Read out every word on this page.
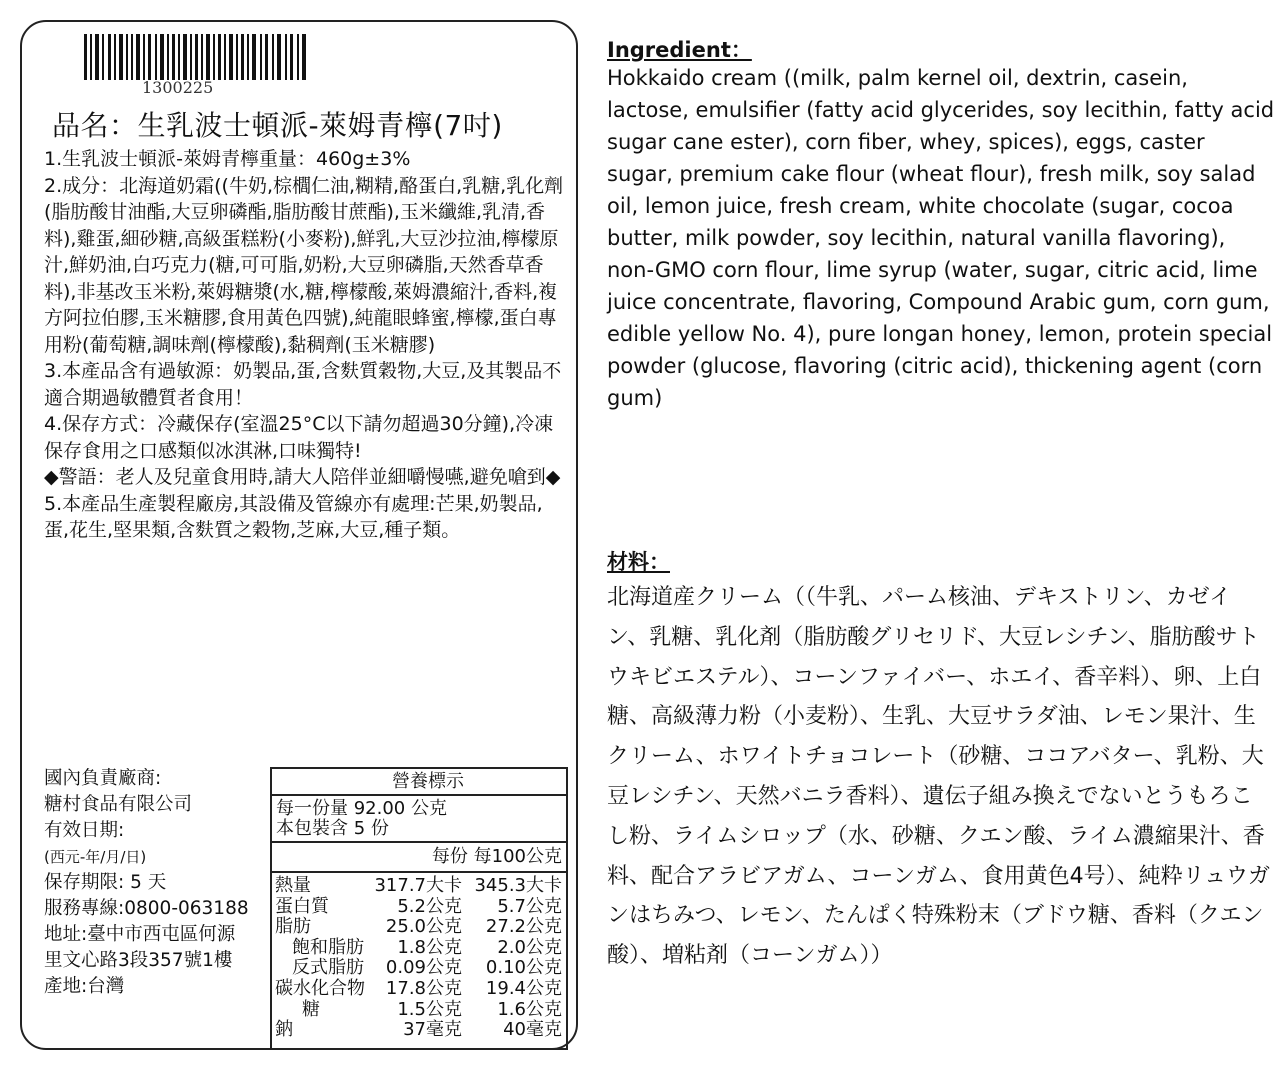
1300225
品名：生乳波士頓派-萊姆青檸(7吋)

1.生乳波士頓派-萊姆青檸重量：460g±3%

2.成分：北海道奶霜((牛奶,棕櫚仁油,糊精,酪蛋白,乳糖,乳化劑(脂肪酸甘油酯,大豆卵磷酯,脂肪酸甘蔗酯),玉米纖維,乳清,香料),雞蛋,細砂糖,高級蛋糕粉(小麥粉),鮮乳,大豆沙拉油,檸檬原汁,鮮奶油,白巧克力(糖,可可脂,奶粉,大豆卵磷脂,天然香草香料),非基改玉米粉,萊姆糖漿(水,糖,檸檬酸,萊姆濃縮汁,香料,複方阿拉伯膠,玉米糖膠,食用黃色四號),純龍眼蜂蜜,檸檬,蛋白專用粉(葡萄糖,調味劑(檸檬酸),黏稠劑(玉米糖膠)

3.本產品含有過敏源：奶製品,蛋,含麩質穀物,大豆,及其製品不適合期過敏體質者食用！

4.保存方式：冷藏保存(室溫25°C以下請勿超過30分鐘),冷凍保存食用之口感類似冰淇淋,口味獨特!

◆警語：老人及兒童食用時,請大人陪伴並細嚼慢嚥,避免嗆到◆

5.本產品生產製程廠房,其設備及管線亦有處理:芒果,奶製品,蛋,花生,堅果類,含麩質之穀物,芝麻,大豆,種子類。

國內負責廠商:
糖村食品有限公司
有效日期:
(西元-年/月/日)
保存期限: 5 天
服務專線:0800-063188
地址:臺中市西屯區何源
里文心路3段357號1樓
產地:台灣
營養標示
每一份量 92.00 公克
本包裝含 5 份
每份 每100公克
熱量	317.7大卡 345.3大卡
蛋白質	5.2公克 5.7公克
脂肪	25.0公克 27.2公克
飽和脂肪 1.8公克 2.0公克
反式脂肪 0.09公克 0.10公克
碳水化合物 17.8公克 19.4公克
糖	1.5公克 1.6公克
鈉	37毫克 40毫克
Ingredient：

Hokkaido cream ((milk, palm kernel oil, dextrin, casein, lactose, emulsifier (fatty acid glycerides, soy lecithin, fatty acid sugar cane ester), corn fiber, whey, spices), eggs, caster sugar, premium cake flour (wheat flour), fresh milk, soy salad oil, lemon juice, fresh cream, white chocolate (sugar, cocoa butter, milk powder, soy lecithin, natural vanilla flavoring), non-GMO corn flour, lime syrup (water, sugar, citric acid, lime juice concentrate, flavoring, Compound Arabic gum, corn gum, edible yellow No. 4), pure longan honey, lemon, protein special powder (glucose, flavoring (citric acid), thickening agent (corn gum)

材料：

北海道産クリーム（（牛乳、パーム核油、デキストリン、カゼイン、乳糖、乳化剤（脂肪酸グリセリド、大豆レシチン、脂肪酸サトウキビエステル）、コーンファイバー、ホエイ、香辛料）、卵、上白糖、高級薄力粉（小麦粉）、生乳、大豆サラダ油、レモン果汁、生クリーム、ホワイトチョコレート（砂糖、ココアバター、乳粉、大豆レシチン、天然バニラ香料）、遺伝子組み換えでないとうもろこし粉、ライムシロップ（水、砂糖、クエン酸、ライム濃縮果汁、香料、配合アラビアガム、コーンガム、食用黄色4号）、純粋リュウガンはちみつ、レモン、たんぱく特殊粉末（ブドウ糖、香料（クエン酸）、増粘剤（コーンガム））
